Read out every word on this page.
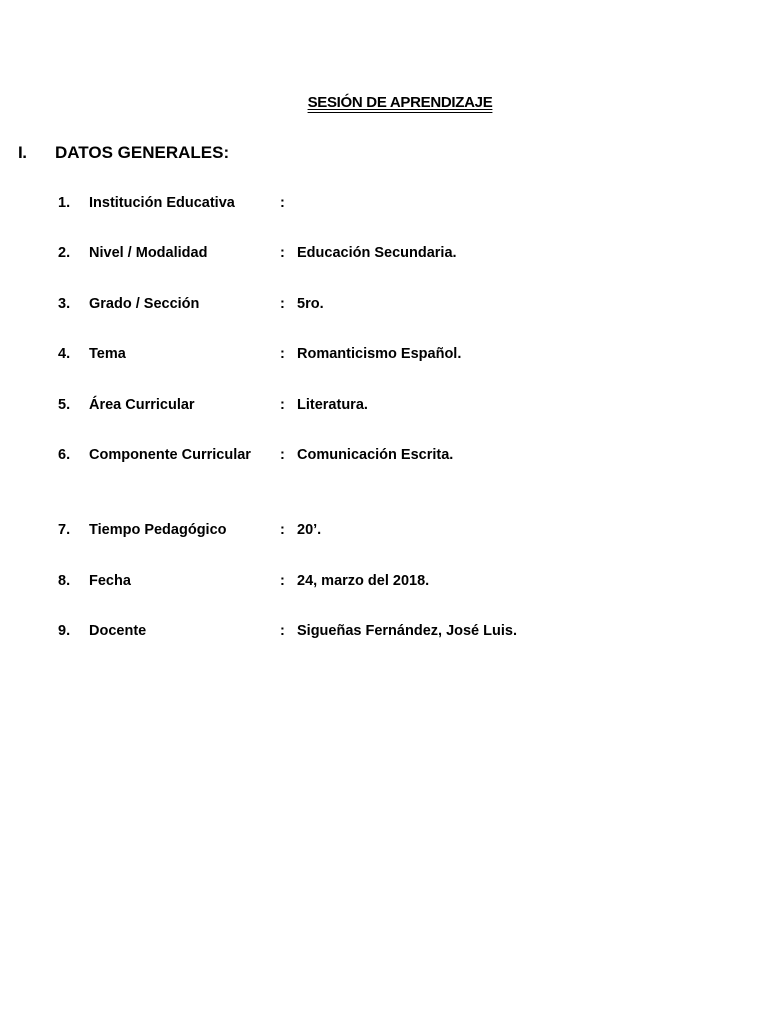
SESIÓN DE APRENDIZAJE
I.	DATOS GENERALES:
1.	Institución Educativa	:
2.	Nivel / Modalidad	: Educación Secundaria.
3.	Grado / Sección	: 5ro.
4.	Tema	: Romanticismo Español.
5.	Área Curricular	: Literatura.
6.	Componente Curricular	: Comunicación Escrita.
7.	Tiempo Pedagógico	: 20’.
8.	Fecha	: 24, marzo del 2018.
9.	Docente	: Sigueñas Fernández, José Luis.
